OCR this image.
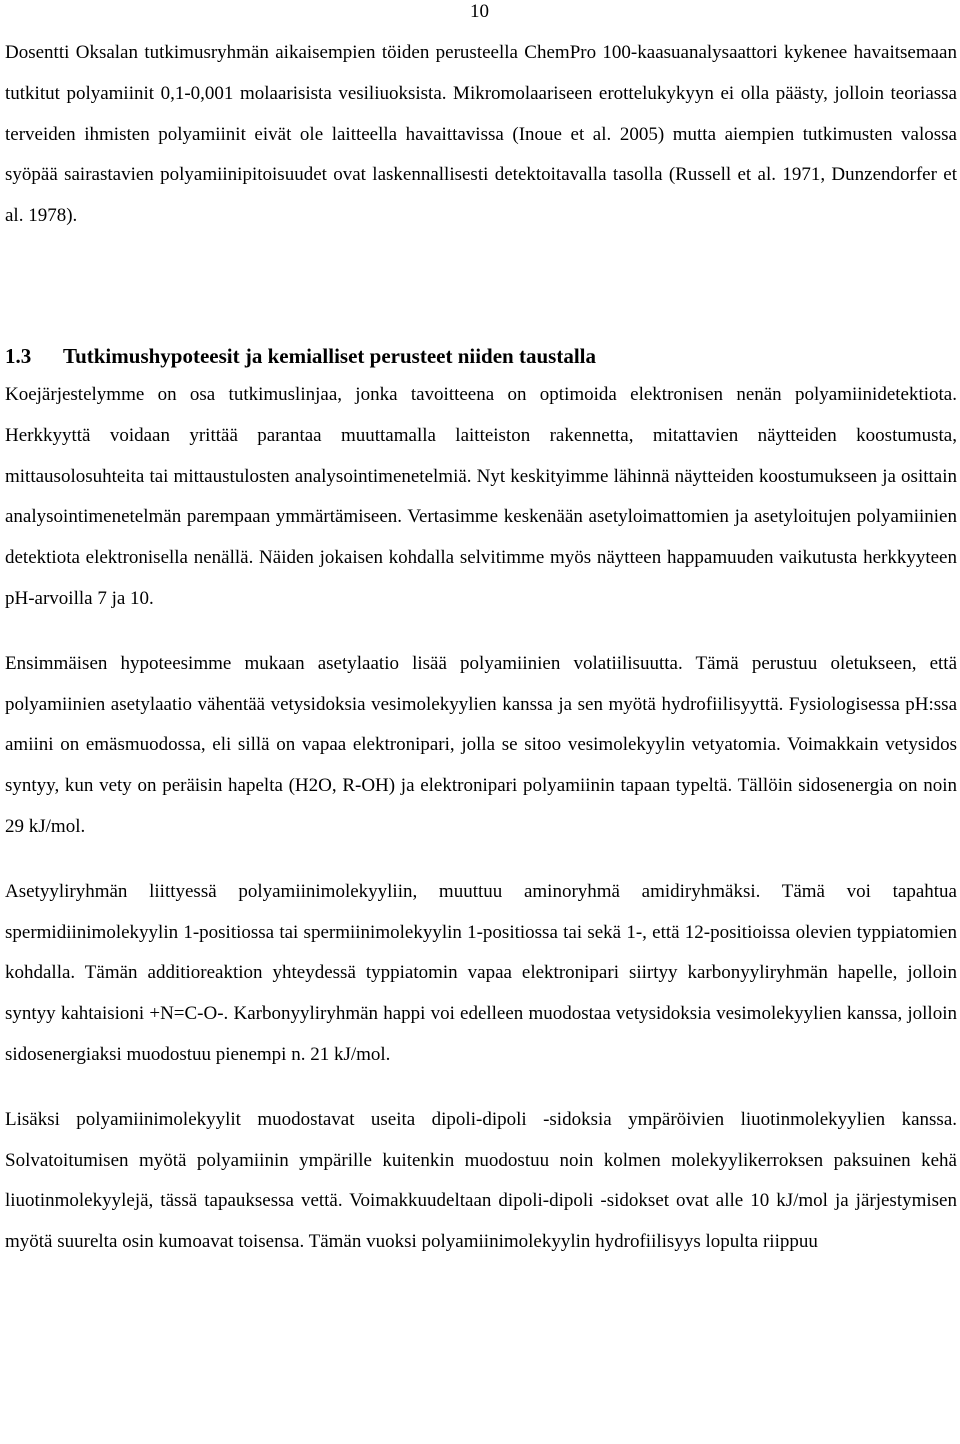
10

Dosentti Oksalan tutkimusryhmän aikaisempien töiden perusteella ChemPro 100-kaasuanalysaattori kykenee havaitsemaan tutkitut polyamiinit 0,1-0,001 molaarisista vesiliuoksista. Mikromolaariseen erottelukykyyn ei olla päästy, jolloin teoriassa terveiden ihmisten polyamiinit eivät ole laitteella havaittavissa (Inoue et al. 2005) mutta aiempien tutkimusten valossa syöpää sairastavien polyamiinipitoisuudet ovat laskennallisesti detektoitavalla tasolla (Russell et al. 1971, Dunzendorfer et al. 1978).

1.3 Tutkimushypoteesit ja kemialliset perusteet niiden taustalla

Koejärjestelymme on osa tutkimuslinjaa, jonka tavoitteena on optimoida elektronisen nenän polyamiinidetektiota. Herkkyyttä voidaan yrittää parantaa muuttamalla laitteiston rakennetta, mitattavien näytteiden koostumusta, mittausolosuhteita tai mittaustulosten analysointimenetelmiä. Nyt keskityimme lähinnä näytteiden koostumukseen ja osittain analysointimenetelmän parempaan ymmärtämiseen. Vertasimme keskenään asetyloimattomien ja asetyloitujen polyamiinien detektiota elektronisella nenällä. Näiden jokaisen kohdalla selvitimme myös näytteen happamuuden vaikutusta herkkyyteen pH-arvoilla 7 ja 10.

Ensimmäisen hypoteesimme mukaan asetylaatio lisää polyamiinien volatiilisuutta. Tämä perustuu oletukseen, että polyamiinien asetylaatio vähentää vetysidoksia vesimolekyylien kanssa ja sen myötä hydrofiilisyyttä. Fysiologisessa pH:ssa amiini on emäsmuodossa, eli sillä on vapaa elektronipari, jolla se sitoo vesimolekyylin vetyatomia. Voimakkain vetysidos syntyy, kun vety on peräisin hapelta (H2O, R-OH) ja elektronipari polyamiinin tapaan typeltä. Tällöin sidosenergia on noin 29 kJ/mol.

Asetyyliryhmän liittyessä polyamiinimolekyyliin, muuttuu aminoryhmä amidiryhmäksi. Tämä voi tapahtua spermidiinimolekyylin 1-positiossa tai spermiinimolekyylin 1-positiossa tai sekä 1-, että 12-positioissa olevien typpiatomien kohdalla. Tämän additioreaktion yhteydessä typpiatomin vapaa elektronipari siirtyy karbonyyliryhmän hapelle, jolloin syntyy kahtaisioni +N=C-O-. Karbonyyliryhmän happi voi edelleen muodostaa vetysidoksia vesimolekyylien kanssa, jolloin sidosenergiaksi muodostuu pienempi n. 21 kJ/mol.

Lisäksi polyamiinimolekyylit muodostavat useita dipoli-dipoli -sidoksia ympäröivien liuotinmolekyylien kanssa. Solvatoitumisen myötä polyamiinin ympärille kuitenkin muodostuu noin kolmen molekyylikerroksen paksuinen kehä liuotinmolekyylejä, tässä tapauksessa vettä. Voimakkuudeltaan dipoli-dipoli -sidokset ovat alle 10 kJ/mol ja järjestymisen myötä suurelta osin kumoavat toisensa. Tämän vuoksi polyamiinimolekyylin hydrofiilisyys lopulta riippuu
